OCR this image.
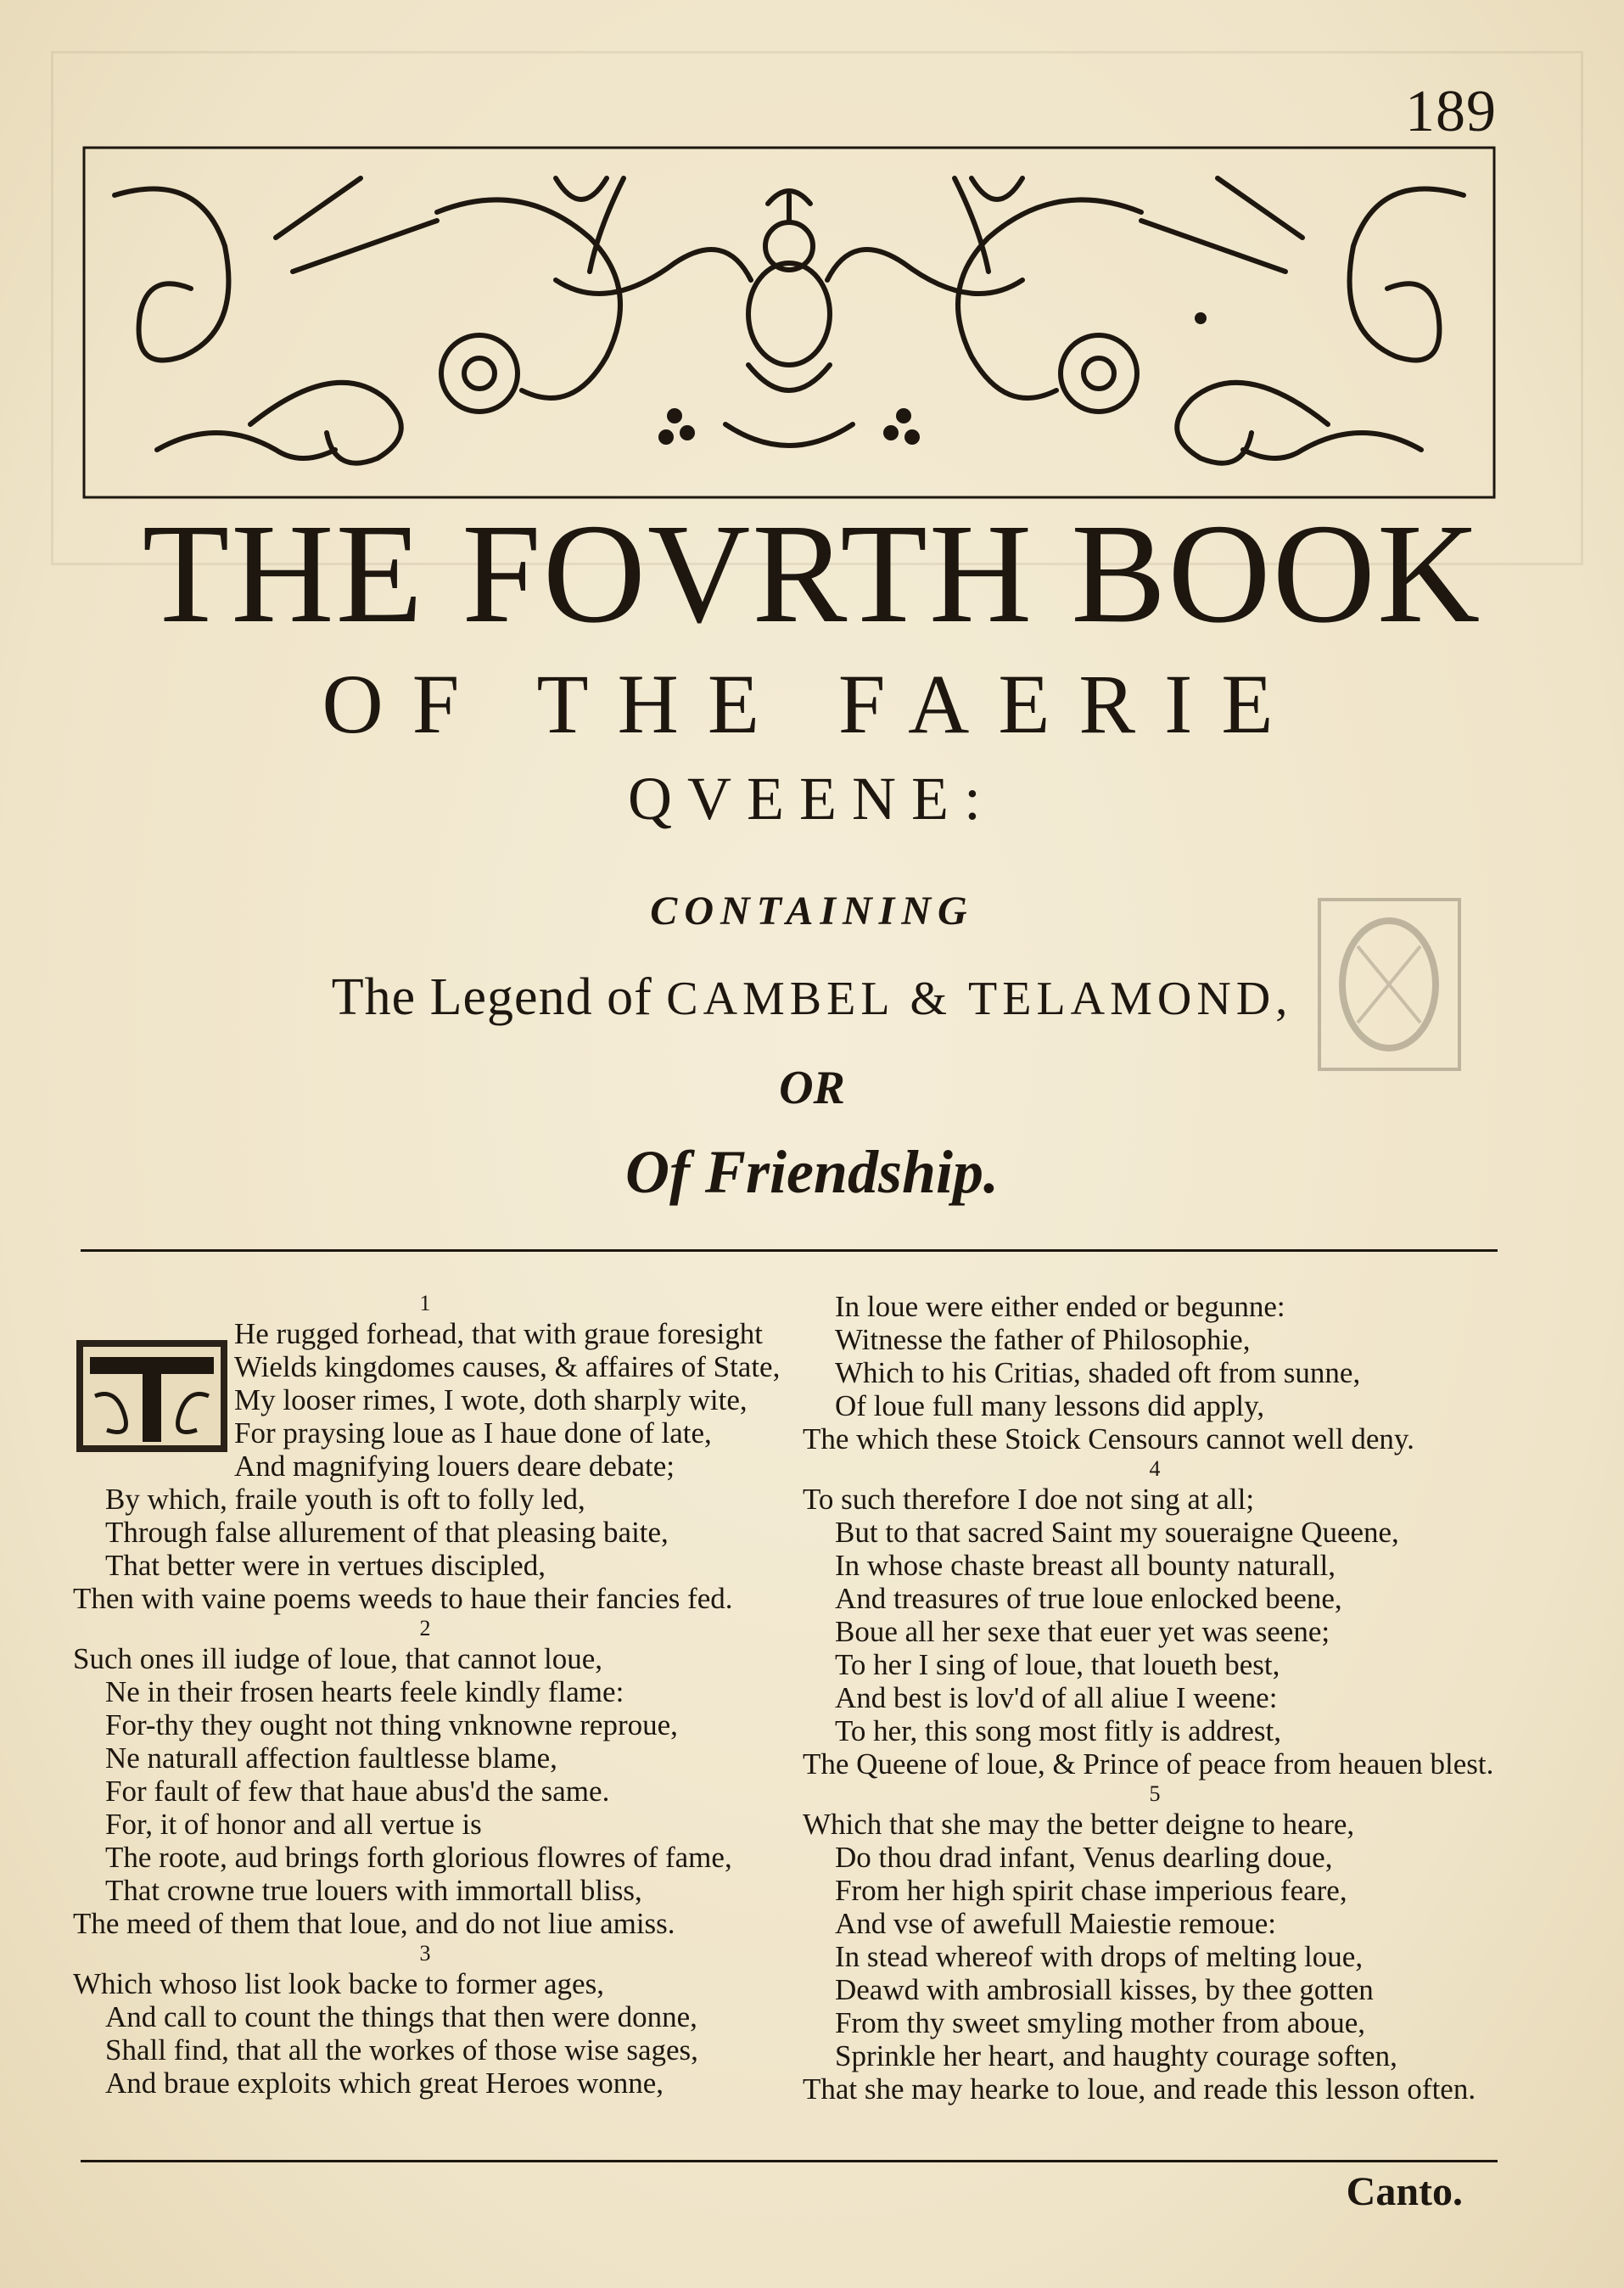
189
THE FOVRTH BOOK
OF THE FAERIE
QVEENE:
CONTAINING
The Legend of CAMBEL & TELAMOND,
OR
Of Friendship.
1
He rugged forhead, that with graue foresight
Wields kingdomes causes, & affaires of State,
My looser rimes, I wote, doth sharply wite,
For praysing loue as I haue done of late,
And magnifying louers deare debate;
By which, fraile youth is oft to folly led,
Through false allurement of that pleasing baite,
That better were in vertues discipled,
Then with vaine poems weeds to haue their fancies fed.
2
Such ones ill iudge of loue, that cannot loue,
Ne in their frosen hearts feele kindly flame:
For-thy they ought not thing vnknowne reproue,
Ne naturall affection faultlesse blame,
For fault of few that haue abus'd the same.
For, it of honor and all vertue is
The roote, aud brings forth glorious flowres of fame,
That crowne true louers with immortall bliss,
The meed of them that loue, and do not liue amiss.
3
Which whoso list look backe to former ages,
And call to count the things that then were donne,
Shall find, that all the workes of those wise sages,
And braue exploits which great Heroes wonne,
In loue were either ended or begunne:
Witnesse the father of Philosophie,
Which to his Critias, shaded oft from sunne,
Of loue full many lessons did apply,
The which these Stoick Censours cannot well deny.
4
To such therefore I doe not sing at all;
But to that sacred Saint my soueraigne Queene,
In whose chaste breast all bounty naturall,
And treasures of true loue enlocked beene,
Boue all her sexe that euer yet was seene;
To her I sing of loue, that loueth best,
And best is lov'd of all aliue I weene:
To her, this song most fitly is addrest,
The Queene of loue, & Prince of peace from heauen blest.
5
Which that she may the better deigne to heare,
Do thou drad infant, Venus dearling doue,
From her high spirit chase imperious feare,
And vse of awefull Maiestie remoue:
In stead whereof with drops of melting loue,
Deawd with ambrosiall kisses, by thee gotten
From thy sweet smyling mother from aboue,
Sprinkle her heart, and haughty courage soften,
That she may hearke to loue, and reade this lesson often.
Canto.
